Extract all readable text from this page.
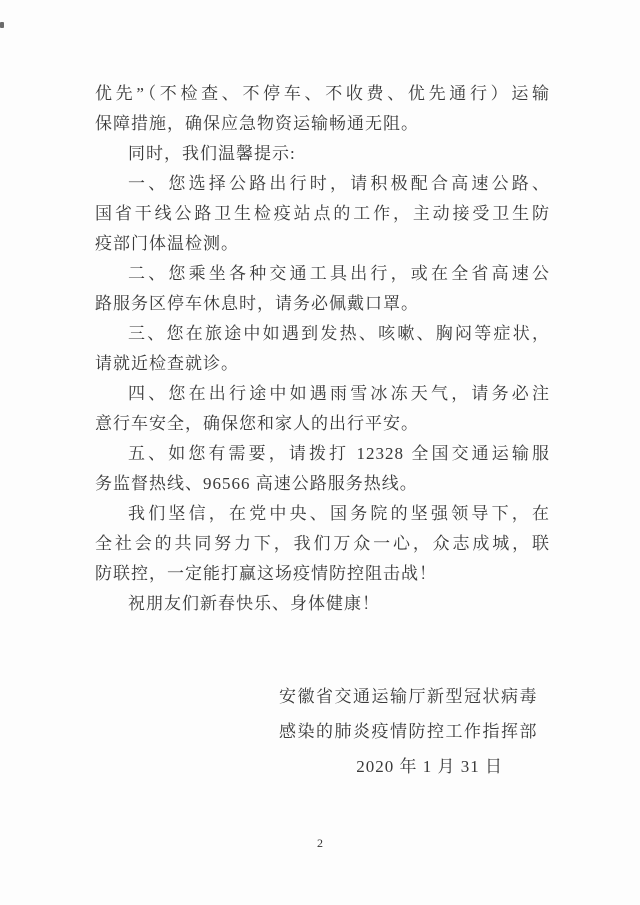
优先”（不检查、不停车、不收费、优先通行）运输
保障措施，确保应急物资运输畅通无阻。
同时，我们温馨提示:
一、您选择公路出行时，请积极配合高速公路、
国省干线公路卫生检疫站点的工作，主动接受卫生防
疫部门体温检测。
二、您乘坐各种交通工具出行，或在全省高速公
路服务区停车休息时，请务必佩戴口罩。
三、您在旅途中如遇到发热、咳嗽、胸闷等症状，
请就近检查就诊。
四、您在出行途中如遇雨雪冰冻天气，请务必注
意行车安全，确保您和家人的出行平安。
五、如您有需要，请拨打 12328 全国交通运输服
务监督热线、96566 高速公路服务热线。
我们坚信，在党中央、国务院的坚强领导下，在
全社会的共同努力下，我们万众一心，众志成城，联
防联控，一定能打赢这场疫情防控阻击战！
祝朋友们新春快乐、身体健康！
安徽省交通运输厅新型冠状病毒
感染的肺炎疫情防控工作指挥部
2020 年 1 月 31 日
2
